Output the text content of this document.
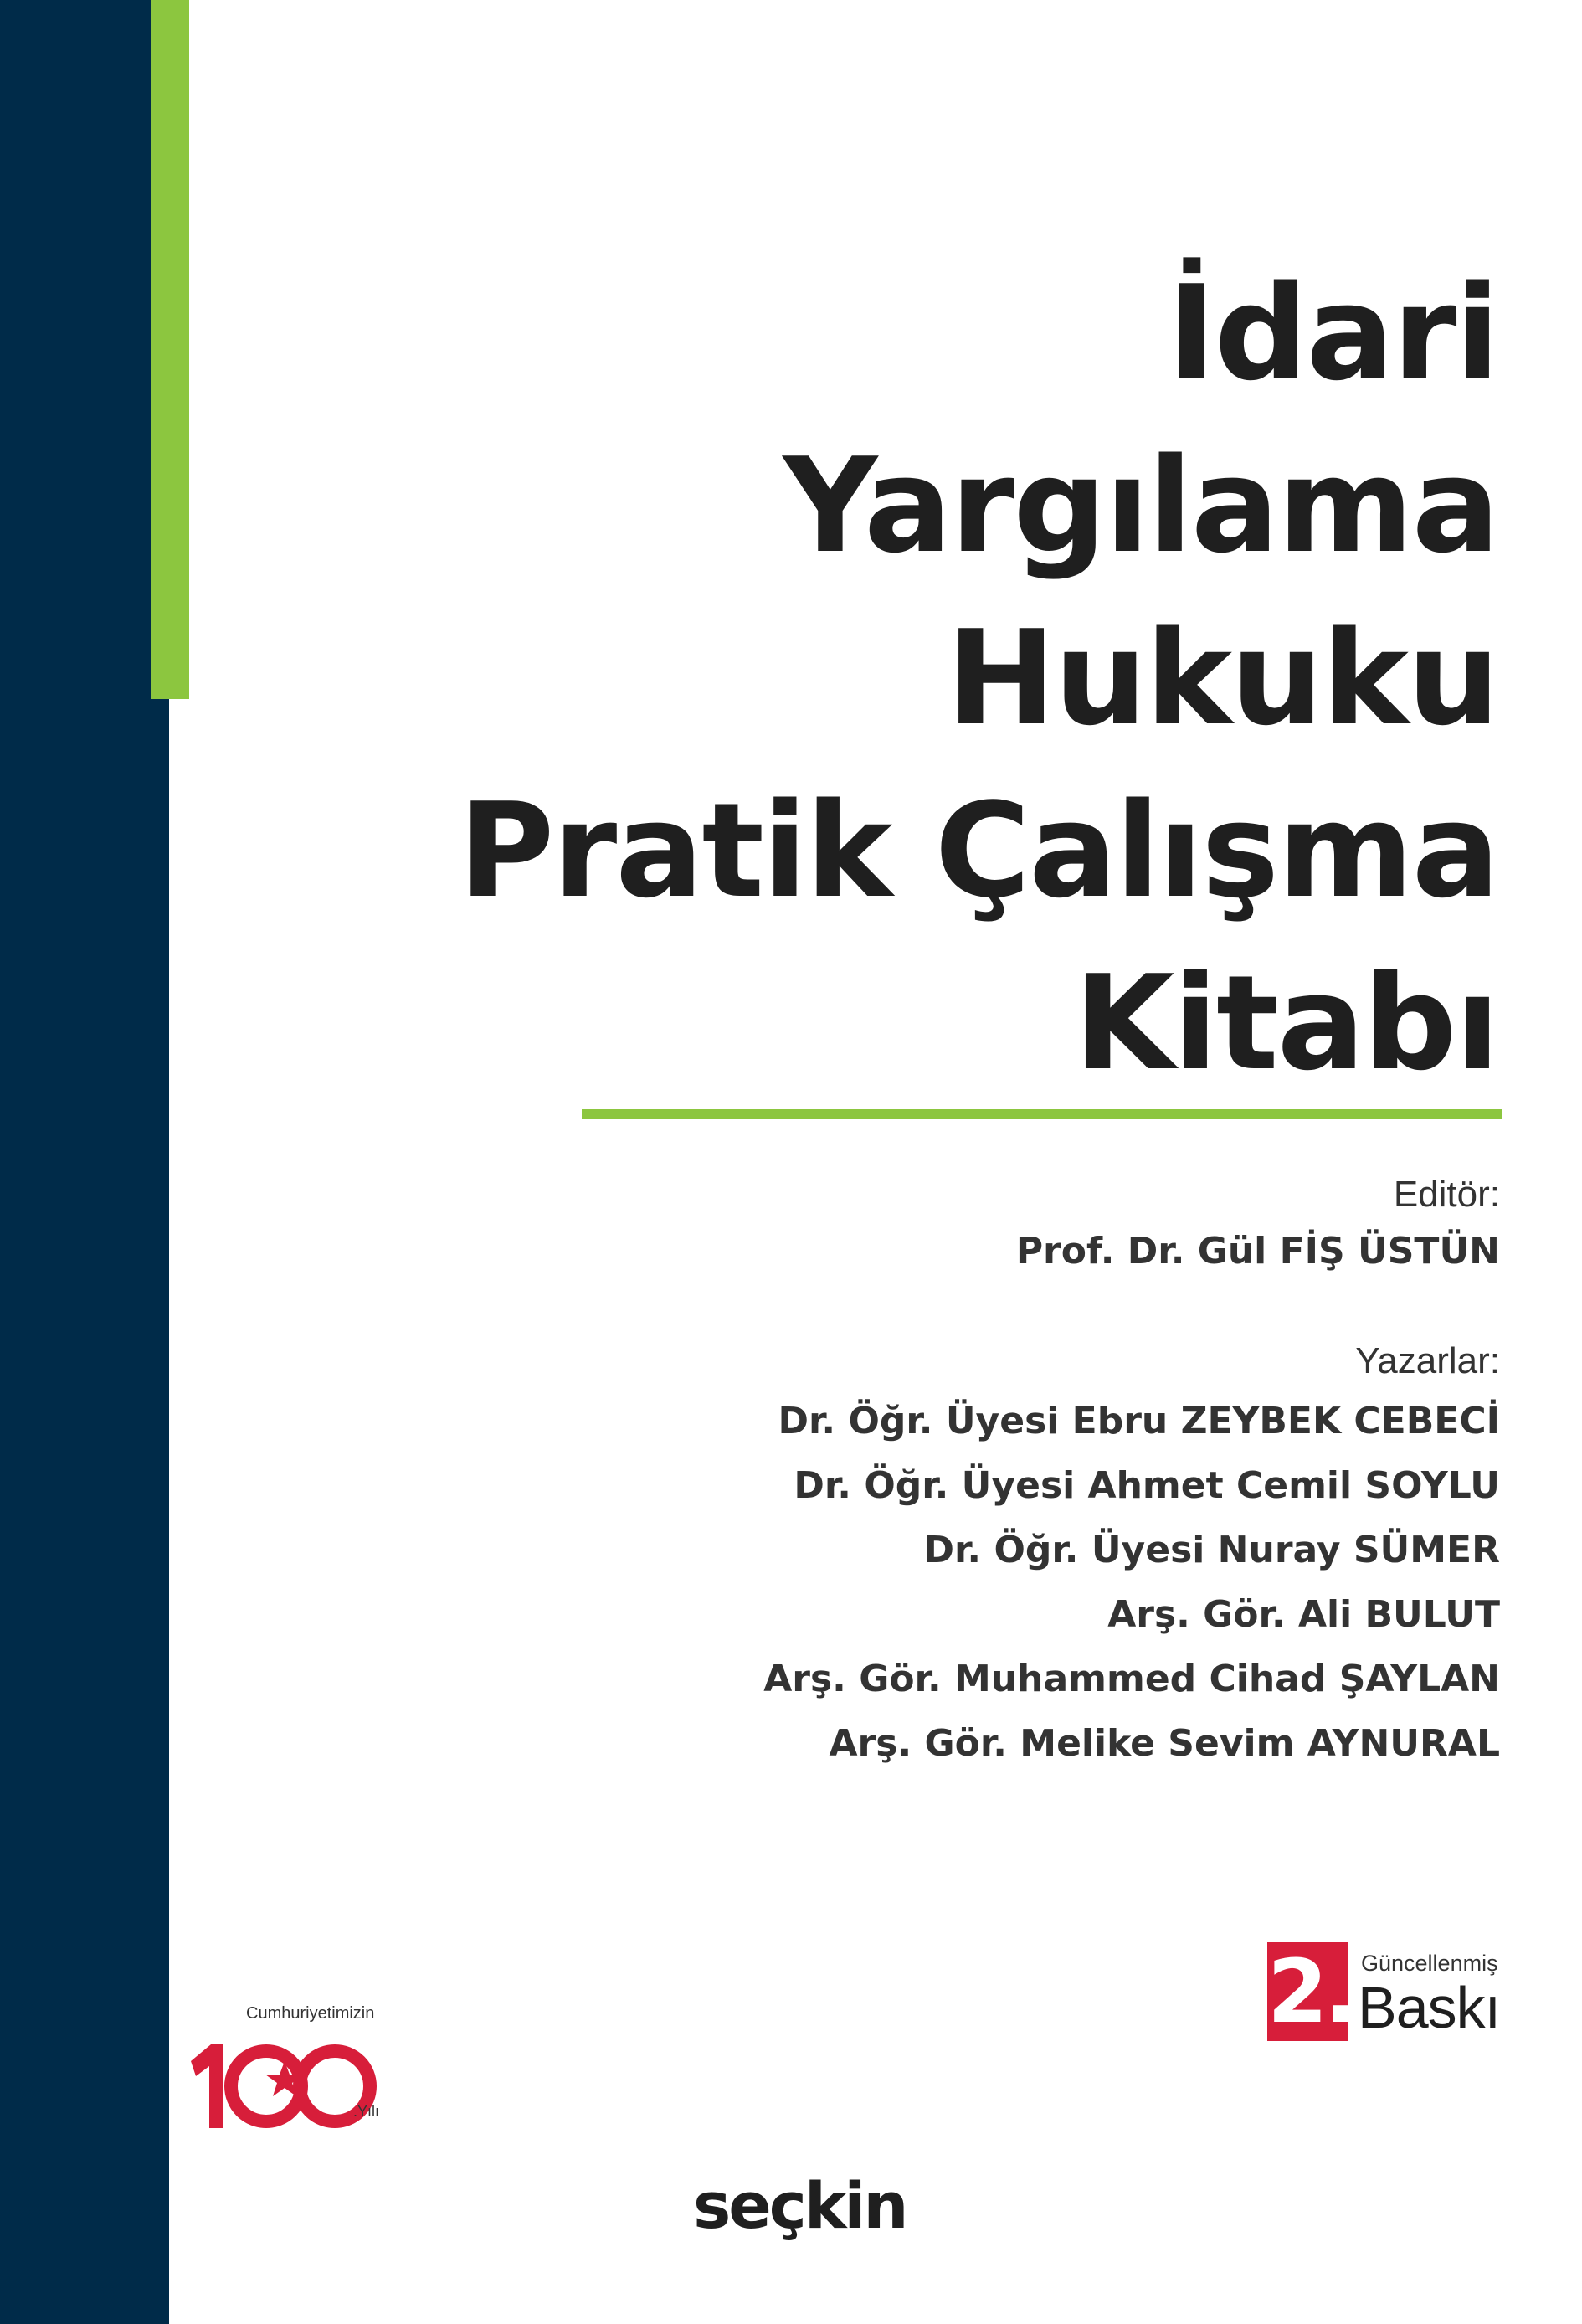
İdari
Yargılama
Hukuku
Pratik Çalışma
Kitabı
Editör:
Prof. Dr. Gül FİŞ ÜSTÜN
Yazarlar:
Dr. Öğr. Üyesi Ebru ZEYBEK CEBECİ
Dr. Öğr. Üyesi Ahmet Cemil SOYLU
Dr. Öğr. Üyesi Nuray SÜMER
Arş. Gör. Ali BULUT
Arş. Gör. Muhammed Cihad ŞAYLAN
Arş. Gör. Melike Sevim AYNURAL
2. Güncellenmiş
Baskı
Cumhuriyetimizin
.Yılı
seçkin
